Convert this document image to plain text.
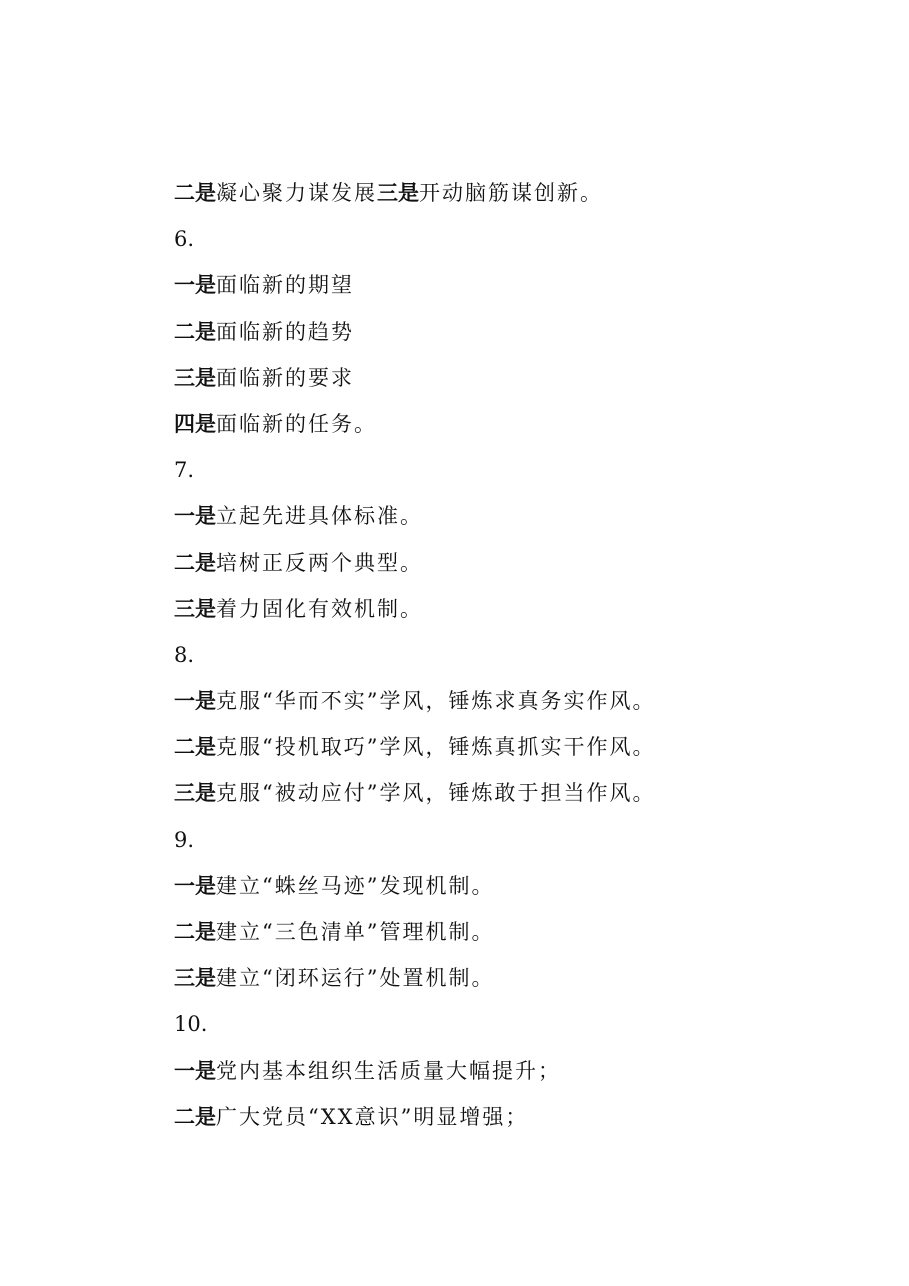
二是凝心聚力谋发展三是开动脑筋谋创新。
6.
一是面临新的期望
二是面临新的趋势
三是面临新的要求
四是面临新的任务。
7.
一是立起先进具体标准。
二是培树正反两个典型。
三是着力固化有效机制。
8.
一是克服“华而不实”学风，锤炼求真务实作风。
二是克服“投机取巧”学风，锤炼真抓实干作风。
三是克服“被动应付”学风，锤炼敢于担当作风。
9.
一是建立“蛛丝马迹”发现机制。
二是建立“三色清单”管理机制。
三是建立“闭环运行”处置机制。
10.
一是党内基本组织生活质量大幅提升；
二是广大党员“XX意识”明显增强；
